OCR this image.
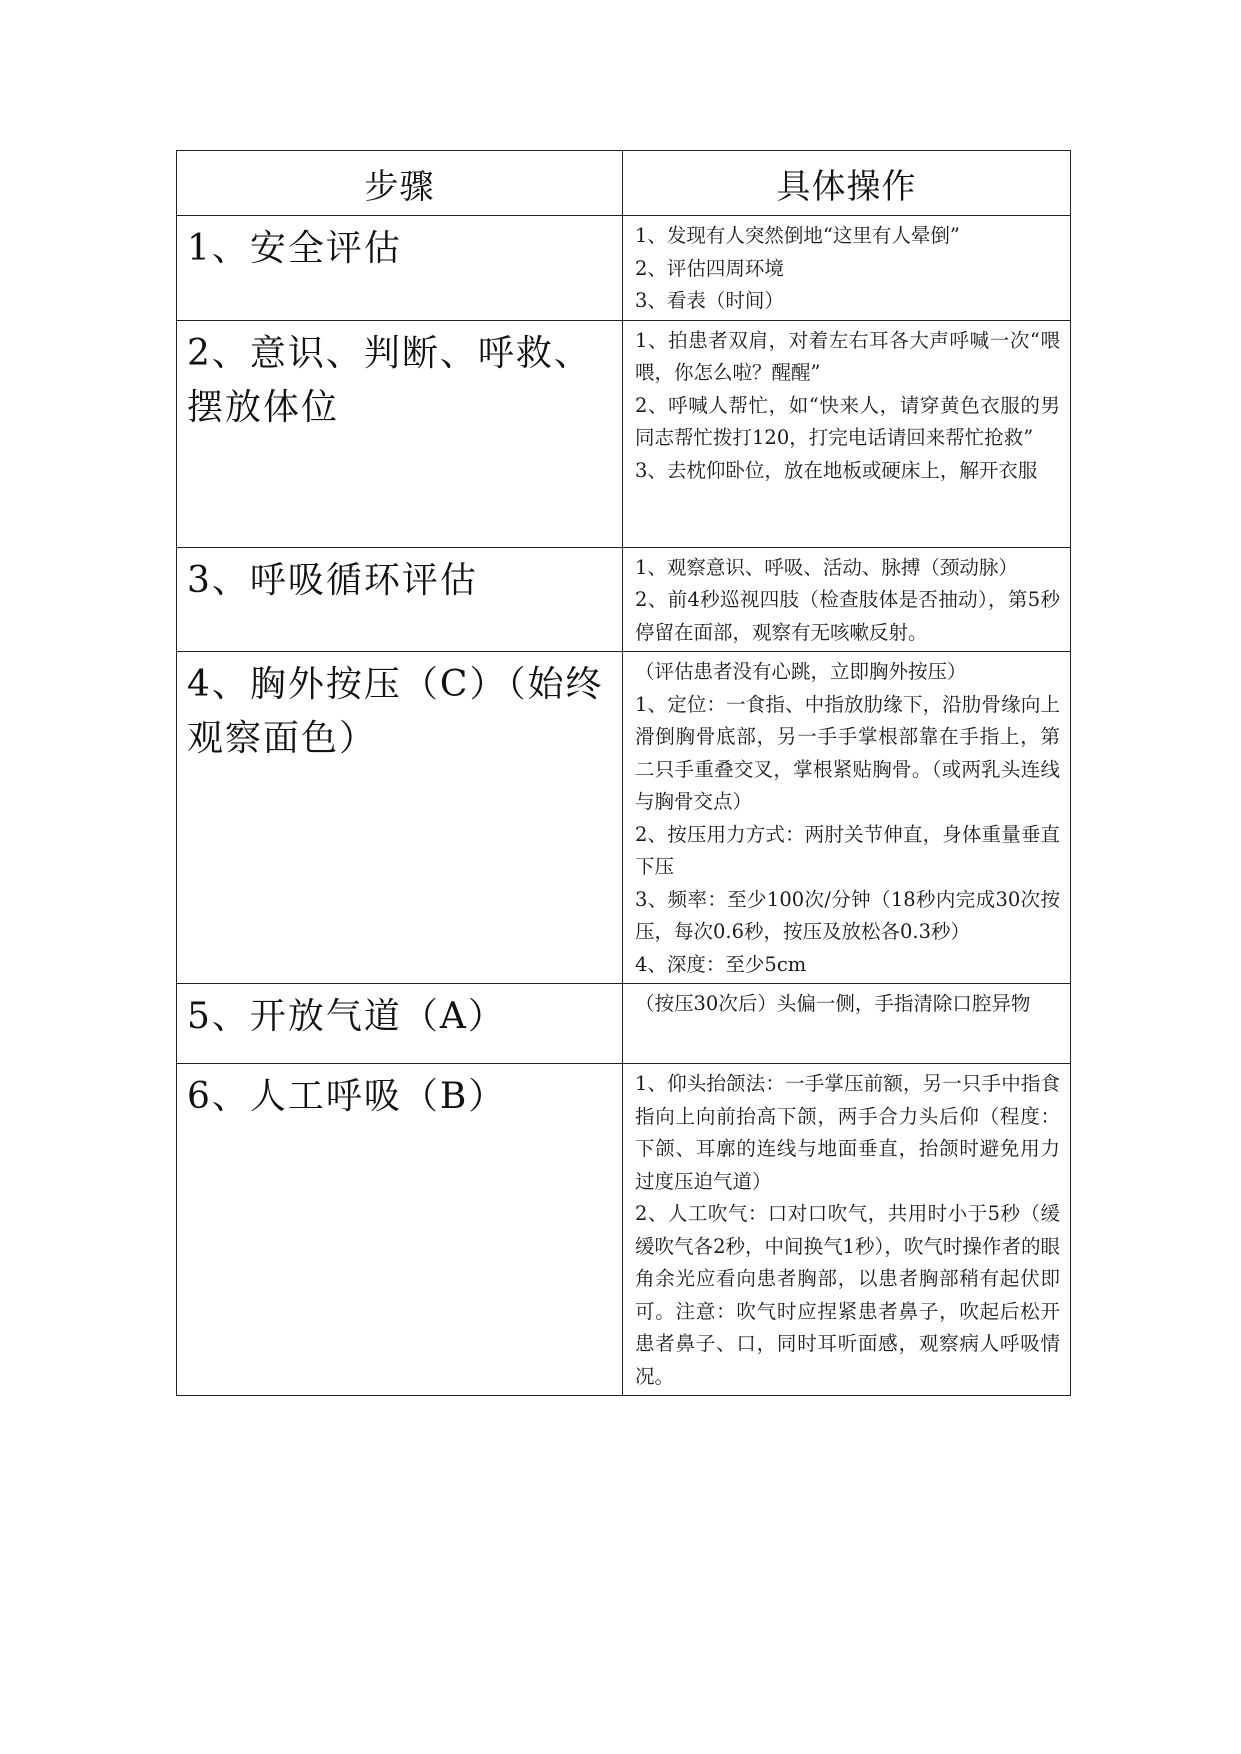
步骤	具体操作

1、安全评估	1、发现有人突然倒地“这里有人晕倒”

2、评估四周环境

3、看表（时间）

2、意识、判断、呼救、摆放体位	1、拍患者双肩，对着左右耳各大声呼喊一次“喂喂，你怎么啦？醒醒”

2、呼喊人帮忙，如“快来人，请穿黄色衣服的男同志帮忙拨打120，打完电话请回来帮忙抢救”

3、去枕仰卧位，放在地板或硬床上，解开衣服

3、呼吸循环评估	1、观察意识、呼吸、活动、脉搏（颈动脉）

2、前4秒巡视四肢（检查肢体是否抽动），第5秒停留在面部，观察有无咳嗽反射。

4、胸外按压（C）（始终观察面色）	（评估患者没有心跳，立即胸外按压）

1、定位：一食指、中指放肋缘下，沿肋骨缘向上滑倒胸骨底部，另一手手掌根部靠在手指上，第二只手重叠交叉，掌根紧贴胸骨。（或两乳头连线与胸骨交点）

2、按压用力方式：两肘关节伸直，身体重量垂直下压

3、频率：至少100次/分钟（18秒内完成30次按压，每次0.6秒，按压及放松各0.3秒）

4、深度：至少5cm

5、开放气道（A）	（按压30次后）头偏一侧，手指清除口腔异物

6、人工呼吸（B）	1、仰头抬颌法：一手掌压前额，另一只手中指食指向上向前抬高下颌，两手合力头后仰（程度：下颌、耳廓的连线与地面垂直，抬颌时避免用力过度压迫气道）

2、人工吹气：口对口吹气，共用时小于5秒（缓缓吹气各2秒，中间换气1秒），吹气时操作者的眼角余光应看向患者胸部，以患者胸部稍有起伏即可。注意：吹气时应捏紧患者鼻子，吹起后松开患者鼻子、口，同时耳听面感，观察病人呼吸情况。
